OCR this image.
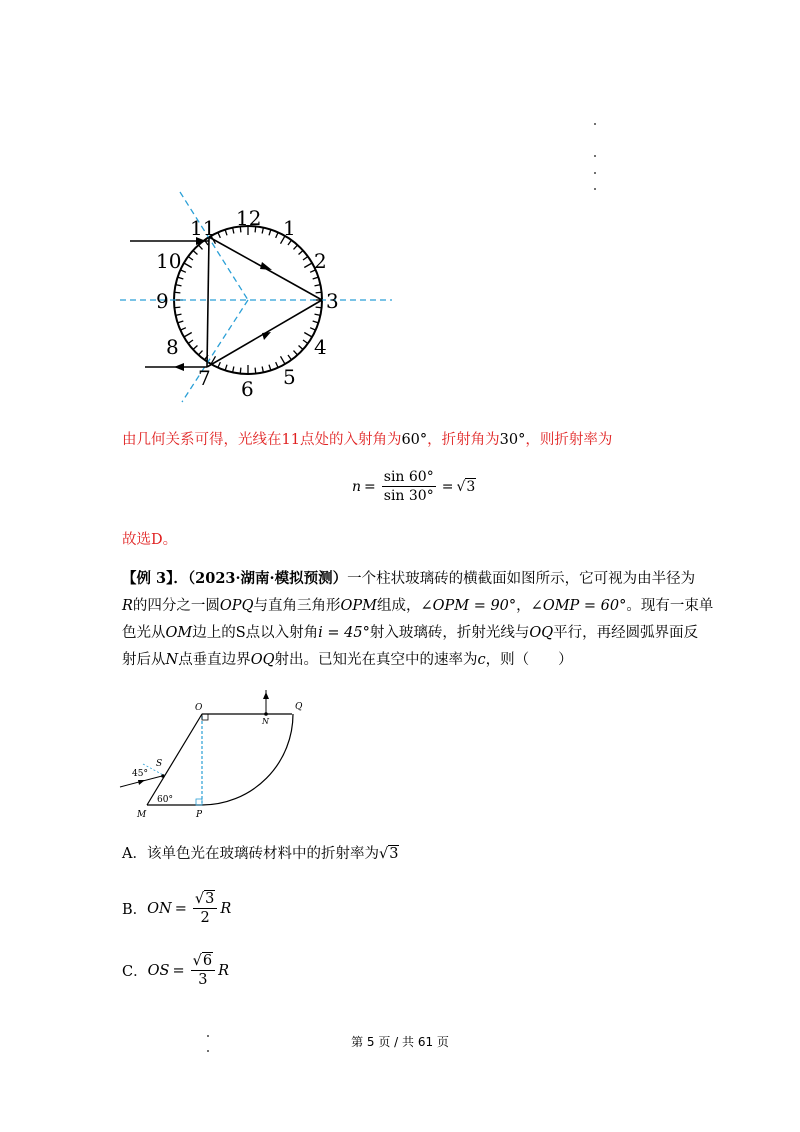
12 1
2
3
4
5
6
7
8
9
10
11
由几何关系可得，光线在11点处的入射角为60°，折射角为30°，则折射率为
$n = \frac{\sin 60^\circ}{\sin 30^\circ}$ = √ 3
故选D。
【例 3】．（2023·湖南·模拟预测）一个柱状玻璃砖的横截面如图所示，它可视为由半径为
R的四分之一圆OPQ与直角三角形OPM组成，∠OPM = 90°，∠OMP = 60°。现有一束单
色光从OM边上的S点以入射角i = 45°射入玻璃砖，折射光线与OQ平行，再经圆弧界面反
射后从N点垂直边界OQ射出。已知光在真空中的速率为c，则（　　）
O	Q
N
S
45°
60°
M	P
A．该单色光在玻璃砖材料中的折射率为√3
B． ON = $\frac{√3}{2}$ R
C． OS = $\frac{√6}{3}$ R
第 5 页 / 共 61 页
